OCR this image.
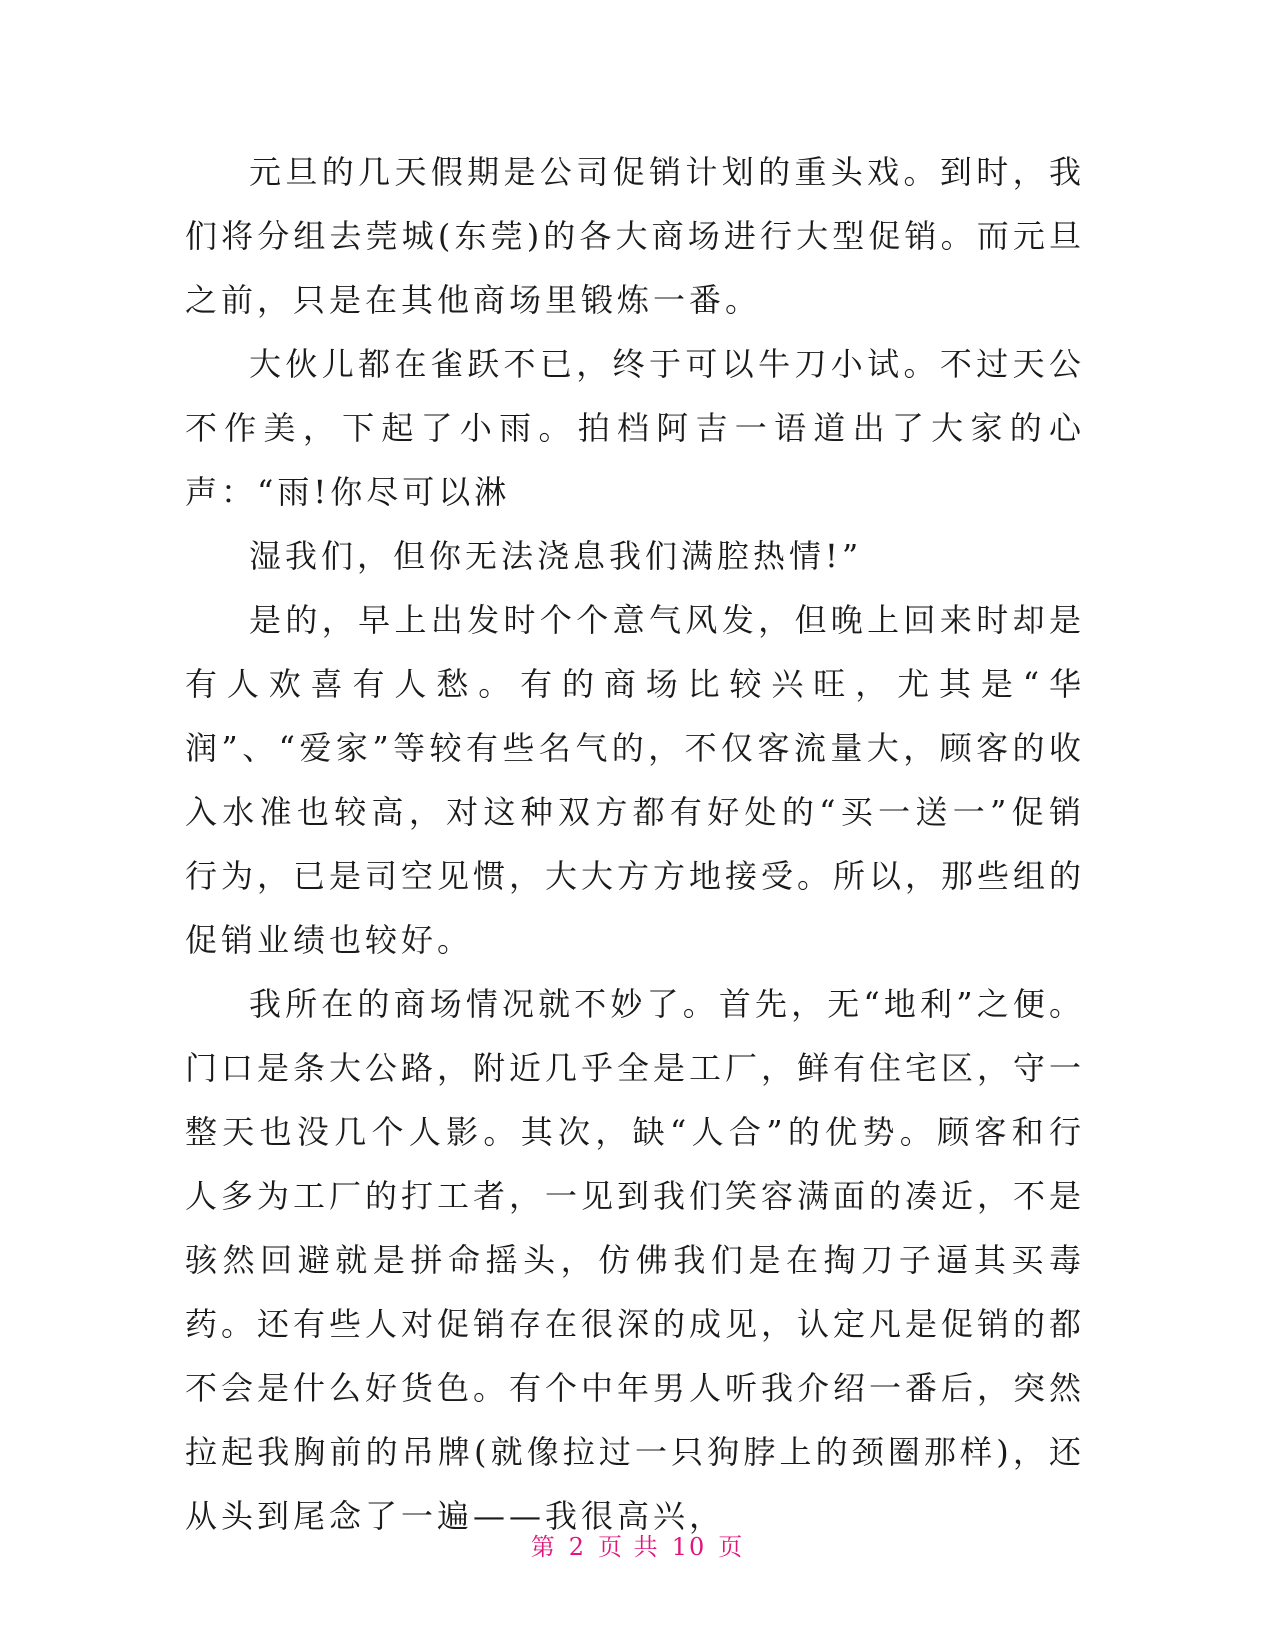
元旦的几天假期是公司促销计划的重头戏。到时，我们将分组去莞城(东莞)的各大商场进行大型促销。而元旦之前，只是在其他商场里锻炼一番。

大伙儿都在雀跃不已，终于可以牛刀小试。不过天公不作美，下起了小雨。拍档阿吉一语道出了大家的心声：“雨!你尽可以淋

湿我们，但你无法浇息我们满腔热情!”

是的，早上出发时个个意气风发，但晚上回来时却是有人欢喜有人愁。有的商场比较兴旺，尤其是“华润”、“爱家”等较有些名气的，不仅客流量大，顾客的收入水准也较高，对这种双方都有好处的“买一送一”促销行为，已是司空见惯，大大方方地接受。所以，那些组的促销业绩也较好。

我所在的商场情况就不妙了。首先，无“地利”之便。门口是条大公路，附近几乎全是工厂，鲜有住宅区，守一整天也没几个人影。其次，缺“人合”的优势。顾客和行人多为工厂的打工者，一见到我们笑容满面的凑近，不是骇然回避就是拼命摇头，仿佛我们是在掏刀子逼其买毒药。还有些人对促销存在很深的成见，认定凡是促销的都不会是什么好货色。有个中年男人听我介绍一番后，突然拉起我胸前的吊牌(就像拉过一只狗脖上的颈圈那样)，还从头到尾念了一遍——我很高兴，

第 2 页 共 10 页
